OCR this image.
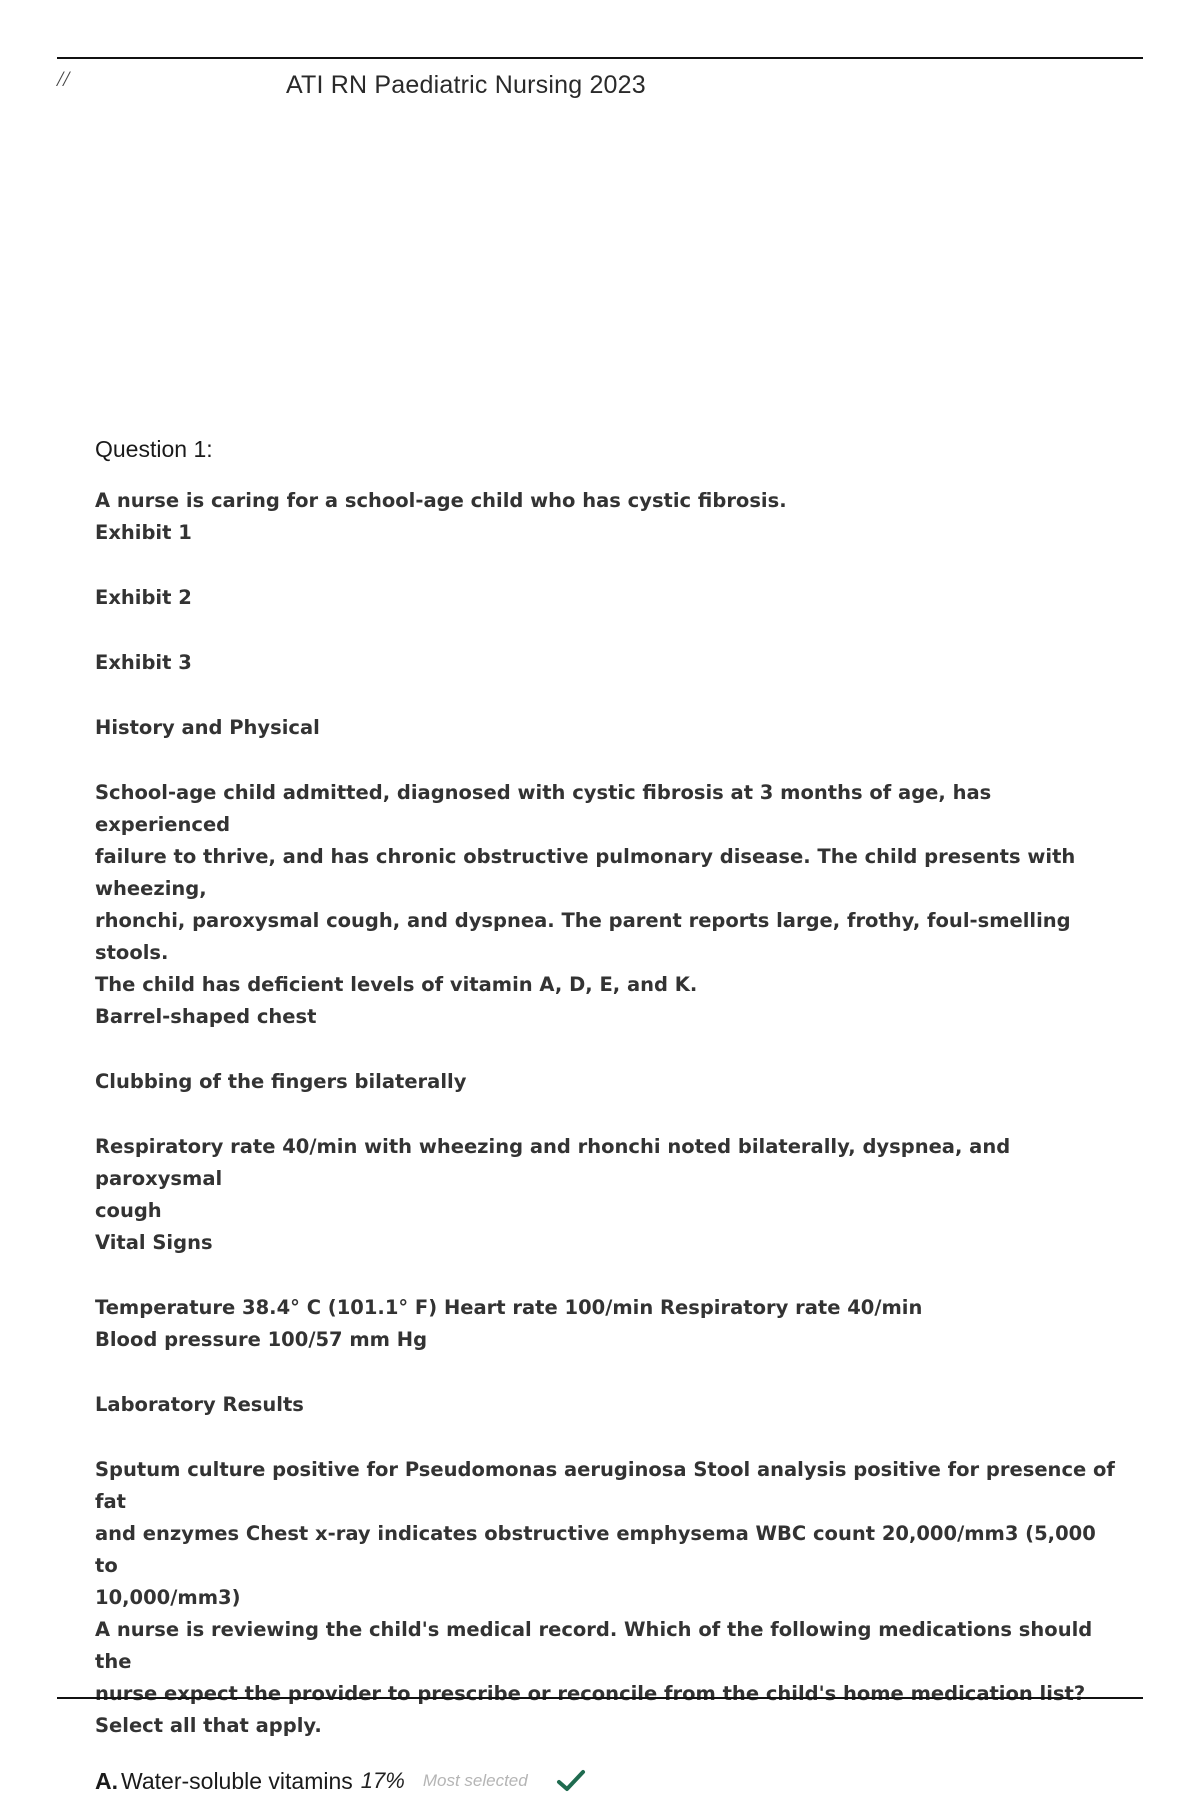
//	ATI RN Paediatric Nursing 2023
Question 1:
A nurse is caring for a school-age child who has cystic fibrosis.
Exhibit 1
Exhibit 2
Exhibit 3
History and Physical
School-age child admitted, diagnosed with cystic fibrosis at 3 months of age, has experienced
failure to thrive, and has chronic obstructive pulmonary disease. The child presents with wheezing,
rhonchi, paroxysmal cough, and dyspnea. The parent reports large, frothy, foul-smelling stools.
The child has deficient levels of vitamin A, D, E, and K.
Barrel-shaped chest
Clubbing of the fingers bilaterally
Respiratory rate 40/min with wheezing and rhonchi noted bilaterally, dyspnea, and paroxysmal
cough
Vital Signs
Temperature 38.4° C (101.1° F) Heart rate 100/min Respiratory rate 40/min
Blood pressure 100/57 mm Hg
Laboratory Results
Sputum culture positive for Pseudomonas aeruginosa Stool analysis positive for presence of fat
and enzymes Chest x-ray indicates obstructive emphysema WBC count 20,000/mm3 (5,000 to
10,000/mm3)
A nurse is reviewing the child's medical record. Which of the following medications should the
nurse expect the provider to prescribe or reconcile from the child's home medication list?
Select all that apply.
A. Water-soluble vitamins 17% Most selected
